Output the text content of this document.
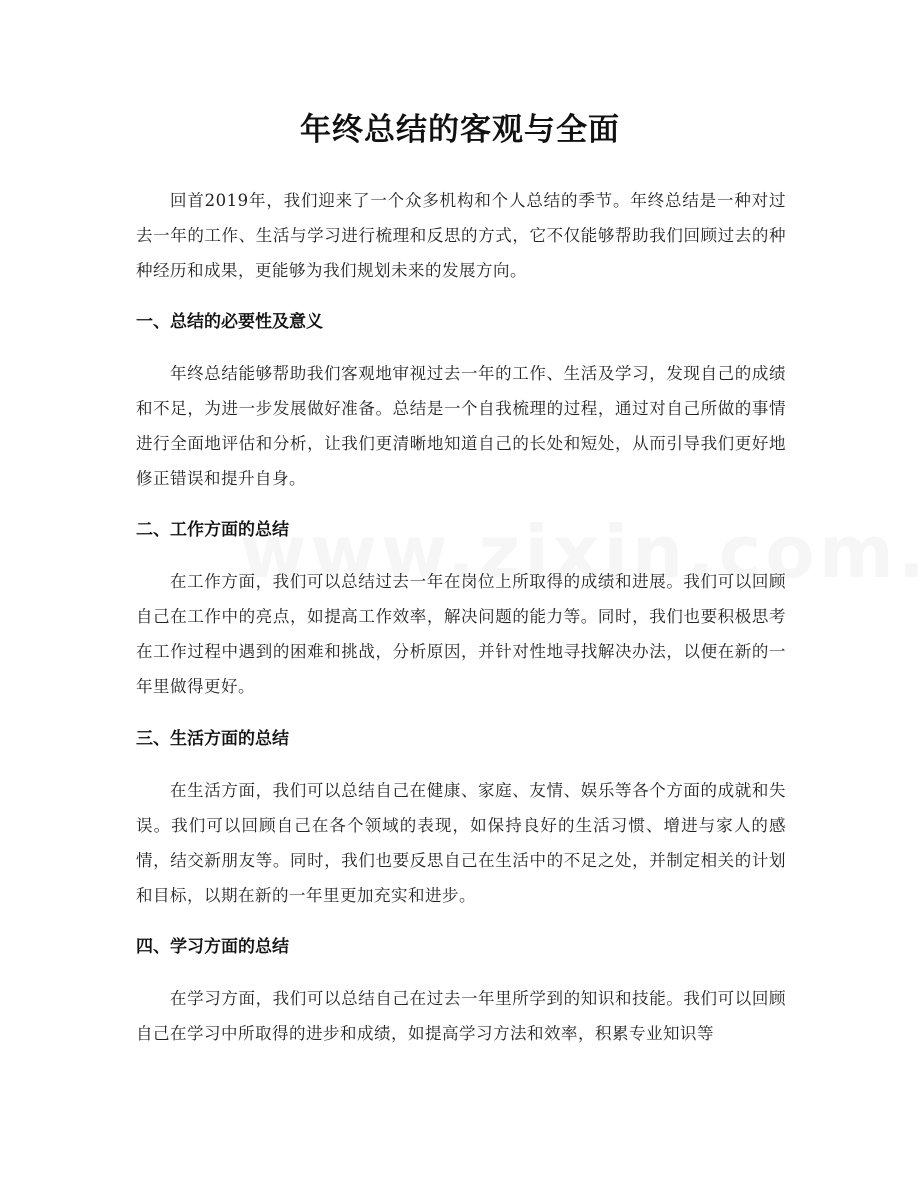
年终总结的客观与全面

回首2019年，我们迎来了一个众多机构和个人总结的季节。年终总结是一种对过去一年的工作、生活与学习进行梳理和反思的方式，它不仅能够帮助我们回顾过去的种种经历和成果，更能够为我们规划未来的发展方向。

一、总结的必要性及意义

年终总结能够帮助我们客观地审视过去一年的工作、生活及学习，发现自己的成绩和不足，为进一步发展做好准备。总结是一个自我梳理的过程，通过对自己所做的事情进行全面地评估和分析，让我们更清晰地知道自己的长处和短处，从而引导我们更好地修正错误和提升自身。

二、工作方面的总结

在工作方面，我们可以总结过去一年在岗位上所取得的成绩和进展。我们可以回顾自己在工作中的亮点，如提高工作效率，解决问题的能力等。同时，我们也要积极思考在工作过程中遇到的困难和挑战，分析原因，并针对性地寻找解决办法，以便在新的一年里做得更好。

三、生活方面的总结

在生活方面，我们可以总结自己在健康、家庭、友情、娱乐等各个方面的成就和失误。我们可以回顾自己在各个领域的表现，如保持良好的生活习惯、增进与家人的感情，结交新朋友等。同时，我们也要反思自己在生活中的不足之处，并制定相关的计划和目标，以期在新的一年里更加充实和进步。

四、学习方面的总结

在学习方面，我们可以总结自己在过去一年里所学到的知识和技能。我们可以回顾自己在学习中所取得的进步和成绩，如提高学习方法和效率，积累专业知识等
